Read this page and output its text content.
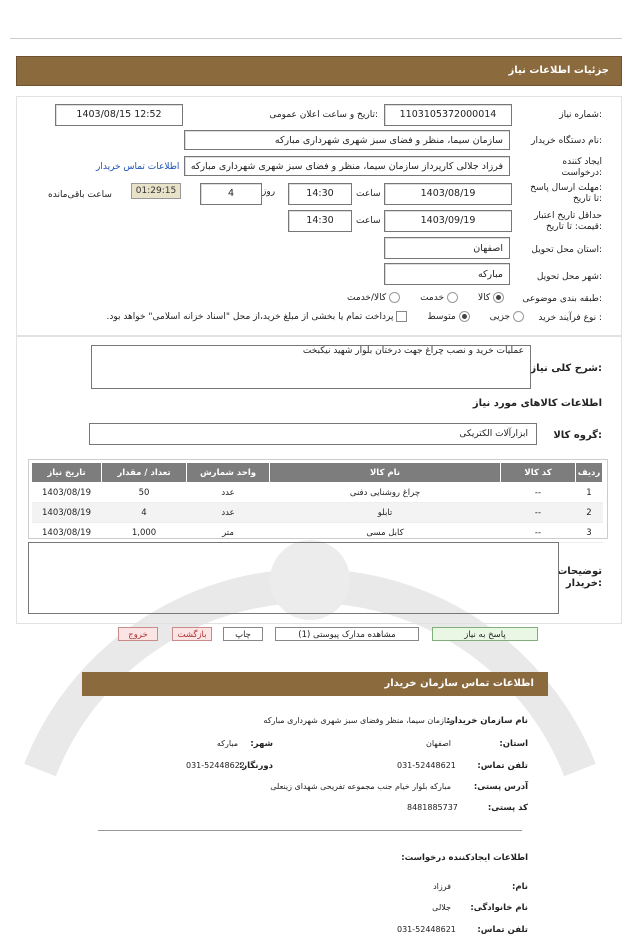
جزئیات اطلاعات نیاز
شماره نیاز:
1103105372000014
تاریخ و ساعت اعلان عمومی:
1403/08/15 12:52
نام دستگاه خریدار:
سازمان سیما، منظر و فضای سبز شهری شهرداری مبارکه
ایجاد کننده
درخواست:
فرزاد جلالی کارپرداز سازمان سیما، منظر و فضای سبز شهری شهرداری مبارکه
اطلاعات تماس خریدار
مهلت ارسال پاسخ:
تا تاریخ:
1403/08/19
ساعت
14:30
روز
4
01:29:15
ساعت باقی‌مانده
حداقل تاریخ اعتبار
قیمت: تا تاریخ:
1403/09/19
ساعت
14:30
استان محل تحویل:
اصفهان
شهر محل تحویل:
مبارکه
طبقه بندی موضوعی:
کالا        خدمت        کالا/خدمت
نوع فرآیند خرید :
جزیی        متوسط        پرداخت تمام یا بخشی از مبلغ خرید،از محل "اسناد خزانه اسلامی" خواهد بود.
شرح کلی نیاز:
عملیات خرید و نصب چراغ جهت درختان بلوار شهید نیکبخت
اطلاعات کالاهای مورد نیاز
گروه کالا:
ابزارآلات الکتریکی
ردیف	کد کالا	نام کالا	واحد شمارش	تعداد / مقدار	تاریخ نیاز
1	--	چراغ روشنایی دفنی	عدد	50	1403/08/19
2	--	تابلو	عدد	4	1403/08/19
3	--	کابل مسی	متر	1,000	1403/08/19
توضیحات
خریدار:
پاسخ به نیاز
مشاهده مدارک پیوستی (1)
چاپ
بازگشت
خروج
اطلاعات تماس سازمان خریدار
نام سازمان خریدار:
سازمان سیما، منظر وفضای سبز شهری شهرداری مبارکه
استان:
اصفهان
شهر:
مبارکه
تلفن تماس:
031-52448621
دورنگار:
031-52448622
آدرس پستی:
مبارکه بلوار خیام جنب مجموعه تفریحی شهدای زینعلی
کد پستی:
8481885737
اطلاعات ایجادکننده درخواست:
نام:
فرزاد
نام خانوادگی:
جلالی
تلفن تماس:
031-52448621
